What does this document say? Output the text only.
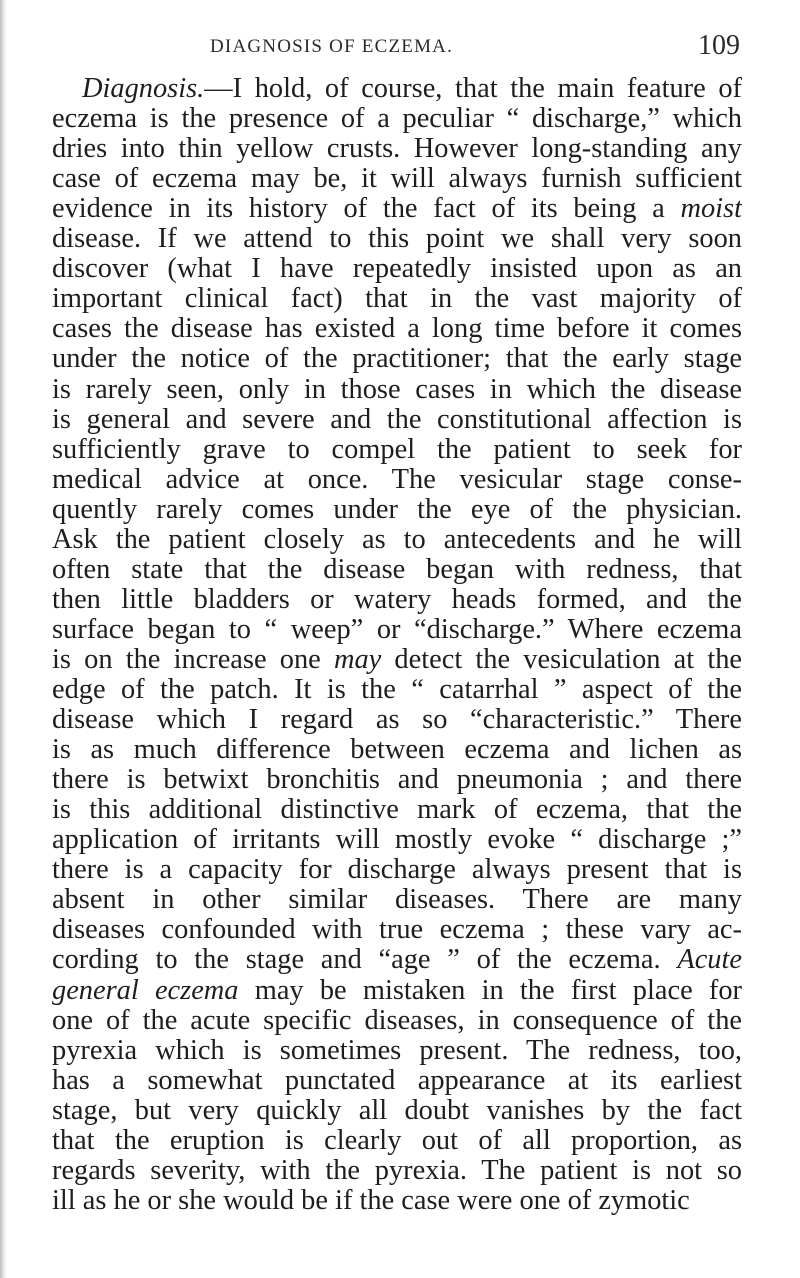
DIAGNOSIS OF ECZEMA.	109
Diagnosis.—I hold, of course, that the main feature of
eczema is the presence of a peculiar “ discharge,” which
dries into thin yellow crusts. However long-standing any
case of eczema may be, it will always furnish sufficient
evidence in its history of the fact of its being a moist
disease. If we attend to this point we shall very soon
discover (what I have repeatedly insisted upon as an
important clinical fact) that in the vast majority of
cases the disease has existed a long time before it comes
under the notice of the practitioner; that the early stage
is rarely seen, only in those cases in which the disease
is general and severe and the constitutional affection is
sufficiently grave to compel the patient to seek for
medical advice at once. The vesicular stage conse-
quently rarely comes under the eye of the physician.
Ask the patient closely as to antecedents and he will
often state that the disease began with redness, that
then little bladders or watery heads formed, and the
surface began to “ weep” or “discharge.” Where eczema
is on the increase one may detect the vesiculation at the
edge of the patch. It is the “ catarrhal ” aspect of the
disease which I regard as so “characteristic.” There
is as much difference between eczema and lichen as
there is betwixt bronchitis and pneumonia ; and there
is this additional distinctive mark of eczema, that the
application of irritants will mostly evoke “ discharge ;”
there is a capacity for discharge always present that is
absent in other similar diseases. There are many
diseases confounded with true eczema ; these vary ac-
cording to the stage and “age ” of the eczema. Acute
general eczema may be mistaken in the first place for
one of the acute specific diseases, in consequence of the
pyrexia which is sometimes present. The redness, too,
has a somewhat punctated appearance at its earliest
stage, but very quickly all doubt vanishes by the fact
that the eruption is clearly out of all proportion, as
regards severity, with the pyrexia. The patient is not so
ill as he or she would be if the case were one of zymotic
